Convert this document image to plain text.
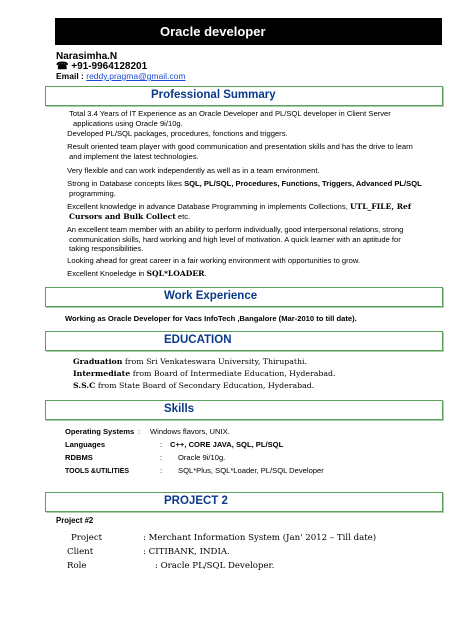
Oracle developer
Narasimha.N
☎ +91-9964128201
Email : reddy.pragma@gmail.com
Professional Summary
Total 3.4 Years of IT Experience as an Oracle Developer and PL/SQL developer in Client Server
applications using Oracle 9i/10g.
Developed PL/SQL packages, procedures, fonctions and triggers.
Result oriented team player with good communication and presentation skills and has the drive to learn
and implement the latest technologies.
Very flexible and can work independently as well as in a team environment.
Strong in Database concepts likes SQL, PL/SQL, Procedures, Functions, Triggers, Advanced PL/SQL
programming.
Excellent knowledge in advance Database Programming in implements Collections, UTL_FILE, Ref
Cursors and Bulk Collect etc.
An excellent team member with an ability to perform individually, good interpersonal relations, strong
communication skills, hard working and high level of motivation. A quick learner with an aptitude for
taking responsibilities.
Looking ahead for great career in a fair working environment with opportunities to grow.
Excellent Knoeledge in SQL*LOADER.
Work Experience
Working as Oracle Developer for Vacs InfoTech ,Bangalore (Mar-2010 to till date).
EDUCATION
Graduation from Sri Venkateswara University, Thirupathi.
Intermediate from Board of Intermediate Education, Hyderabad.
S.S.C from State Board of Secondary Education, Hyderabad.
Skills
Operating Systems : Windows flavors, UNIX.
Languages	: C++, CORE JAVA, SQL, PL/SQL
RDBMS	: Oracle 9i/10g.
TOOLS &UTILITIES	: SQL*Plus, SQL*Loader, PL/SQL Developer
PROJECT 2
Project #2
Project	: Merchant Information System (Jan' 2012 – Till date)
Client	: CITIBANK, INDIA.
Role	: Oracle PL/SQL Developer.
